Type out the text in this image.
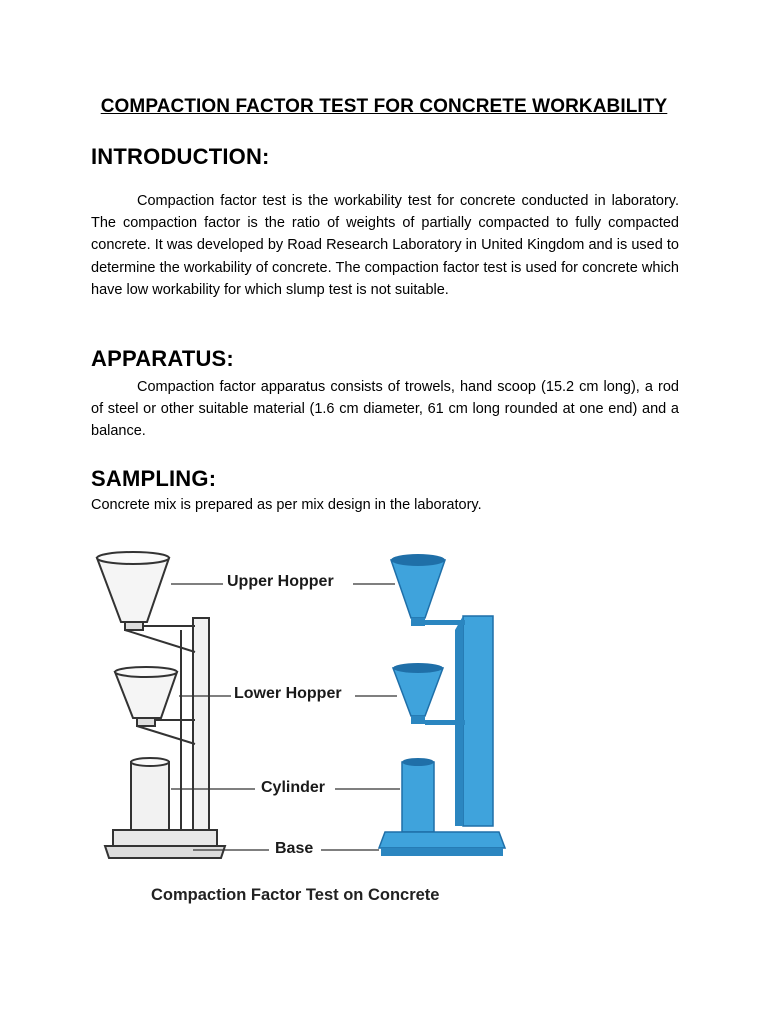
COMPACTION FACTOR TEST FOR CONCRETE WORKABILITY
INTRODUCTION:
Compaction factor test is the workability test for concrete conducted in laboratory. The compaction factor is the ratio of weights of partially compacted to fully compacted concrete. It was developed by Road Research Laboratory in United Kingdom and is used to determine the workability of concrete. The compaction factor test is used for concrete which have low workability for which slump test is not suitable.
APPARATUS:
Compaction factor apparatus consists of trowels, hand scoop (15.2 cm long), a rod of steel or other suitable material (1.6 cm diameter, 61 cm long rounded at one end) and a balance.
SAMPLING:
Concrete mix is prepared as per mix design in the laboratory.
Upper Hopper
Lower Hopper
Cylinder
Base
Compaction Factor Test on Concrete
